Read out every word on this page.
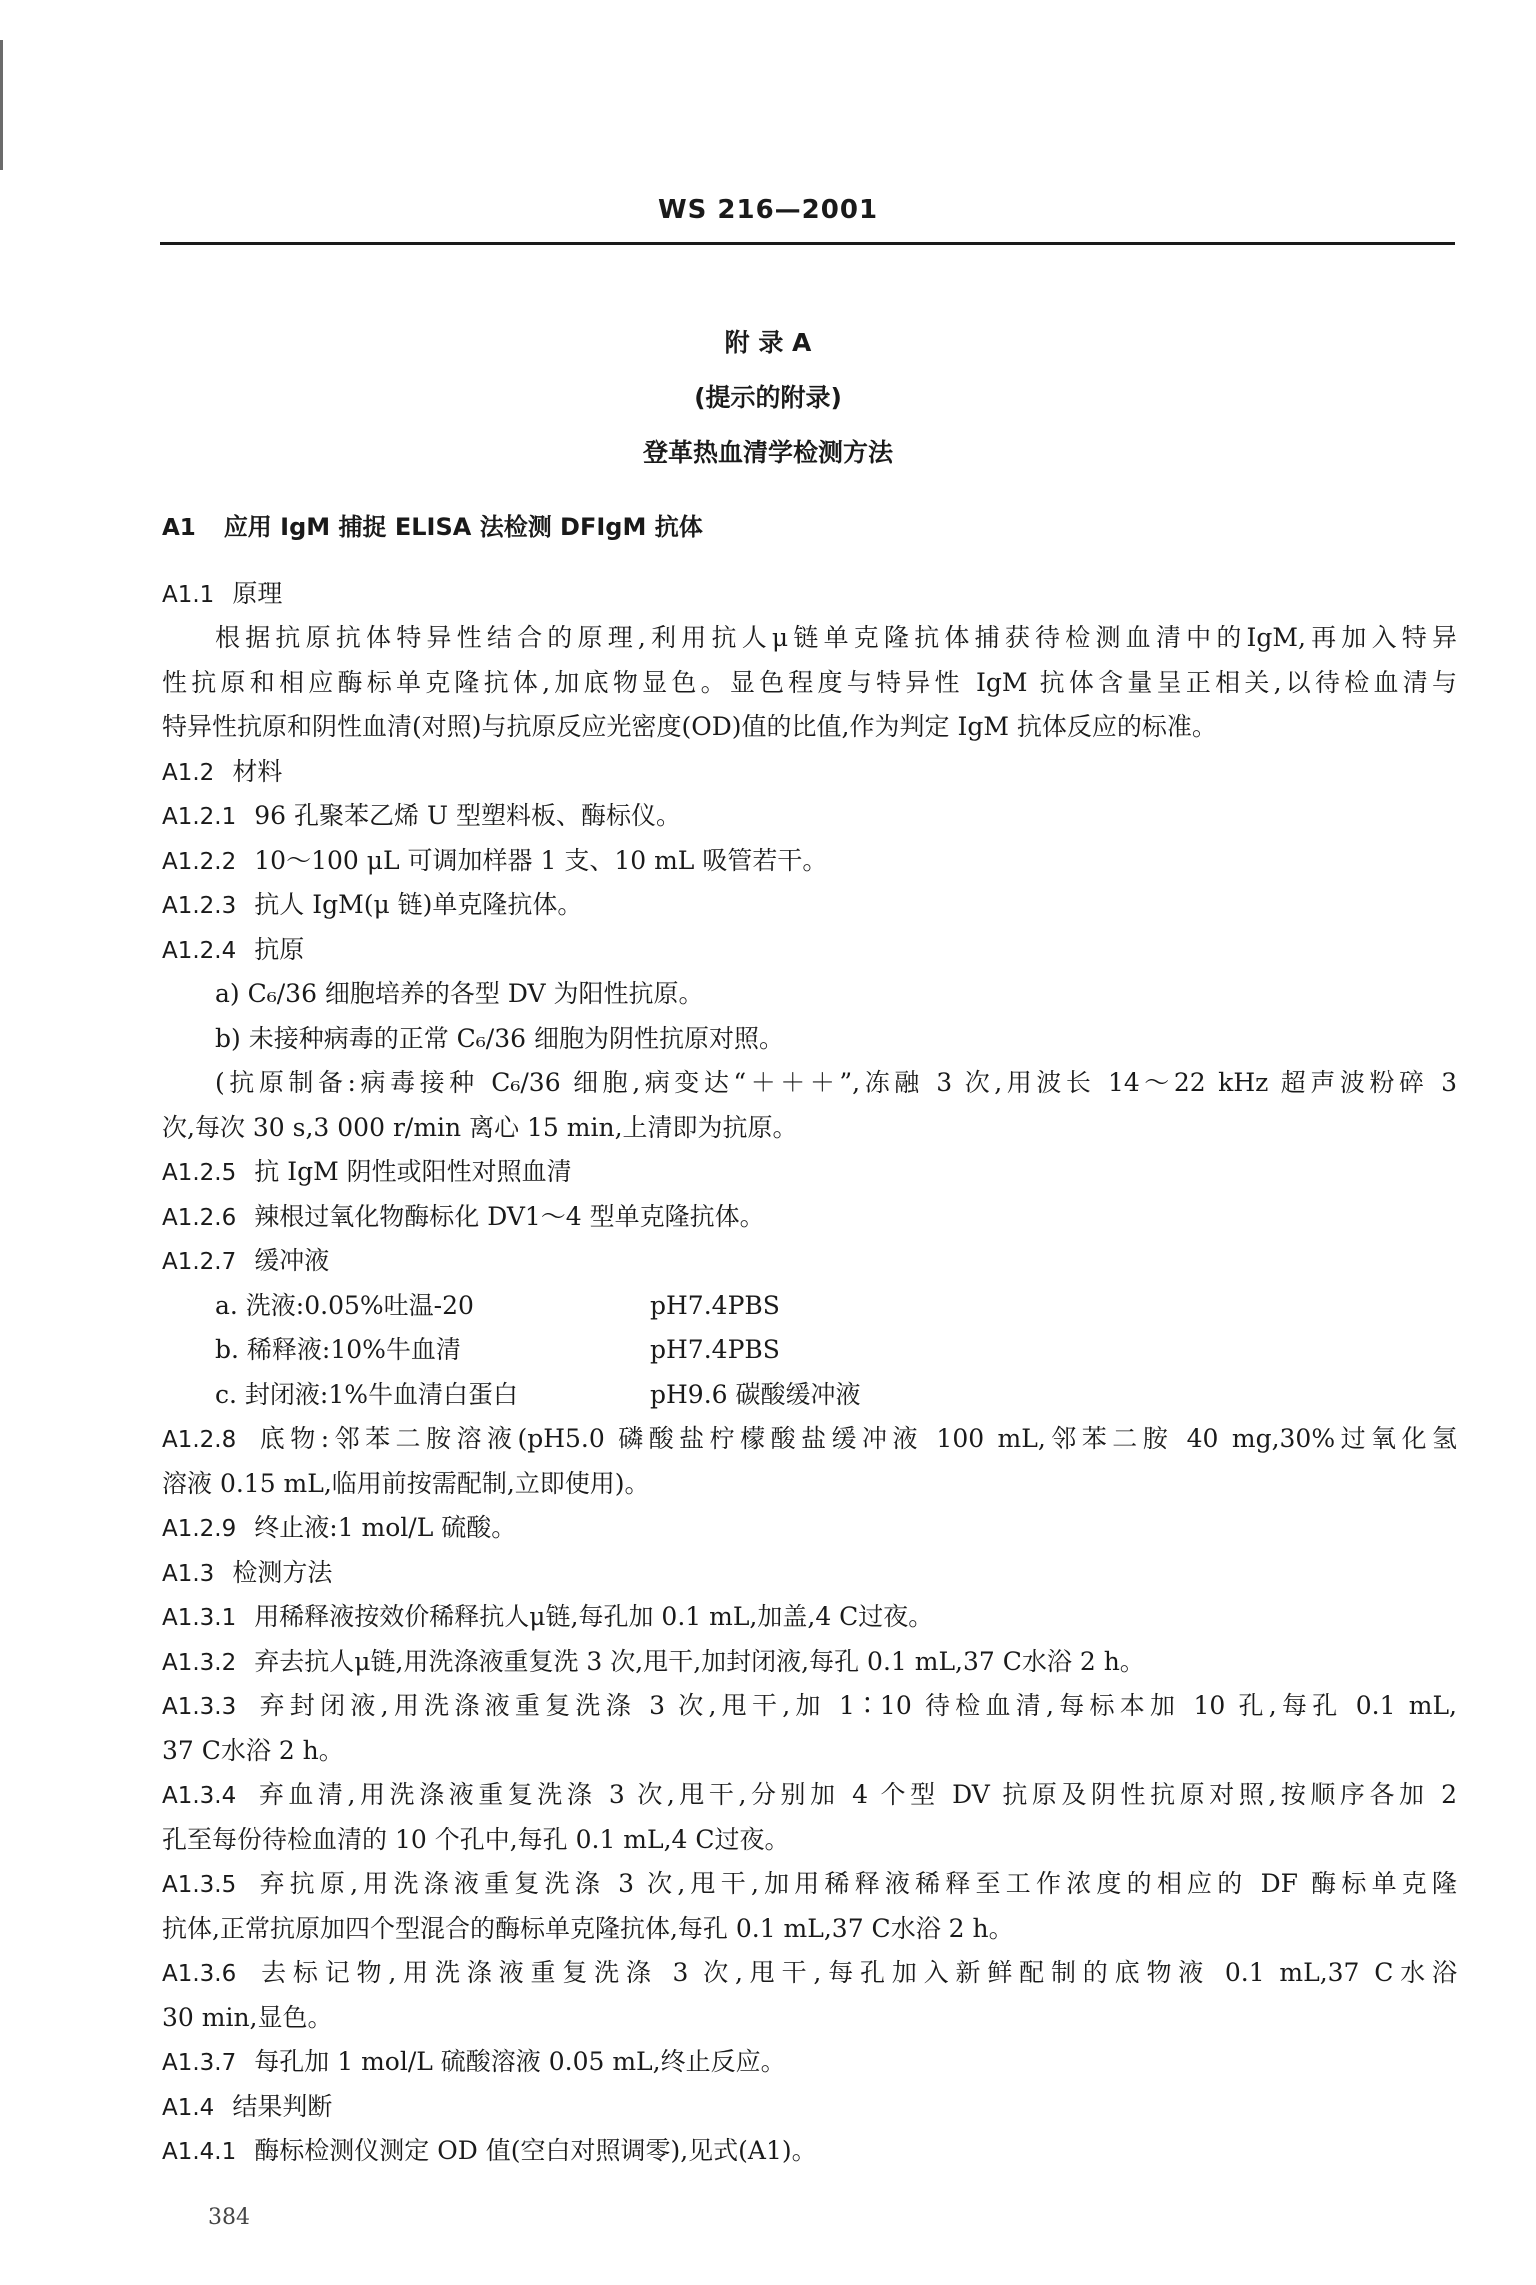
WS 216—2001
附 录 A
(提示的附录)
登革热血清学检测方法
A1 应用 IgM 捕捉 ELISA 法检测 DFIgM 抗体
A1.1 原理
根据抗原抗体特异性结合的原理,利用抗人μ链单克隆抗体捕获待检测血清中的IgM,再加入特异
性抗原和相应酶标单克隆抗体,加底物显色。显色程度与特异性 IgM 抗体含量呈正相关,以待检血清与
特异性抗原和阴性血清(对照)与抗原反应光密度(OD)值的比值,作为判定 IgM 抗体反应的标准。
A1.2 材料
A1.2.1 96 孔聚苯乙烯 U 型塑料板、酶标仪。
A1.2.2 10～100 μL 可调加样器 1 支、10 mL 吸管若干。
A1.2.3 抗人 IgM(μ 链)单克隆抗体。
A1.2.4 抗原
a) C₆/36 细胞培养的各型 DV 为阳性抗原。
b) 未接种病毒的正常 C₆/36 细胞为阴性抗原对照。
(抗原制备:病毒接种 C₆/36 细胞,病变达“＋＋＋”,冻融 3 次,用波长 14～22 kHz 超声波粉碎 3
次,每次 30 s,3 000 r/min 离心 15 min,上清即为抗原。
A1.2.5 抗 IgM 阴性或阳性对照血清
A1.2.6 辣根过氧化物酶标化 DV1～4 型单克隆抗体。
A1.2.7 缓冲液
a. 洗液:0.05%吐温-20	pH7.4PBS
b. 稀释液:10%牛血清	pH7.4PBS
c. 封闭液:1%牛血清白蛋白	pH9.6 碳酸缓冲液
A1.2.8 底物:邻苯二胺溶液(pH5.0 磷酸盐柠檬酸盐缓冲液 100 mL,邻苯二胺 40 mg,30%过氧化氢
溶液 0.15 mL,临用前按需配制,立即使用)。
A1.2.9 终止液:1 mol/L 硫酸。
A1.3 检测方法
A1.3.1 用稀释液按效价稀释抗人μ链,每孔加 0.1 mL,加盖,4 C过夜。
A1.3.2 弃去抗人μ链,用洗涤液重复洗 3 次,甩干,加封闭液,每孔 0.1 mL,37 C水浴 2 h。
A1.3.3 弃封闭液,用洗涤液重复洗涤 3 次,甩干,加 1∶10 待检血清,每标本加 10 孔,每孔 0.1 mL,
37 C水浴 2 h。
A1.3.4 弃血清,用洗涤液重复洗涤 3 次,甩干,分别加 4 个型 DV 抗原及阴性抗原对照,按顺序各加 2
孔至每份待检血清的 10 个孔中,每孔 0.1 mL,4 C过夜。
A1.3.5 弃抗原,用洗涤液重复洗涤 3 次,甩干,加用稀释液稀释至工作浓度的相应的 DF 酶标单克隆
抗体,正常抗原加四个型混合的酶标单克隆抗体,每孔 0.1 mL,37 C水浴 2 h。
A1.3.6 去标记物,用洗涤液重复洗涤 3 次,甩干,每孔加入新鲜配制的底物液 0.1 mL,37 C水浴
30 min,显色。
A1.3.7 每孔加 1 mol/L 硫酸溶液 0.05 mL,终止反应。
A1.4 结果判断
A1.4.1 酶标检测仪测定 OD 值(空白对照调零),见式(A1)。
384
